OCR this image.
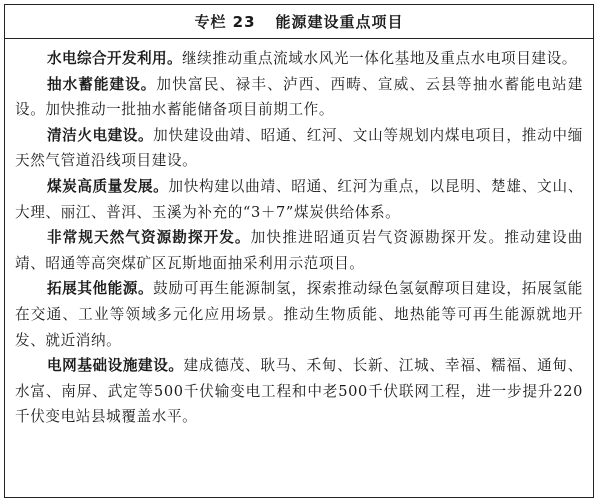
专栏 23 能源建设重点项目

水电综合开发利用。继续推动重点流域水风光一体化基地及重点水电项目建设。

抽水蓄能建设。加快富民、禄丰、泸西、西畴、宣威、云县等抽水蓄能电站建设。加快推动一批抽水蓄能储备项目前期工作。

清洁火电建设。加快建设曲靖、昭通、红河、文山等规划内煤电项目，推动中缅天然气管道沿线项目建设。

煤炭高质量发展。加快构建以曲靖、昭通、红河为重点，以昆明、楚雄、文山、大理、丽江、普洱、玉溪为补充的“3＋7”煤炭供给体系。

非常规天然气资源勘探开发。加快推进昭通页岩气资源勘探开发。推动建设曲靖、昭通等高突煤矿区瓦斯地面抽采利用示范项目。

拓展其他能源。鼓励可再生能源制氢，探索推动绿色氢氨醇项目建设，拓展氢能在交通、工业等领域多元化应用场景。推动生物质能、地热能等可再生能源就地开发、就近消纳。

电网基础设施建设。建成德茂、耿马、禾甸、长新、江城、幸福、糯福、通甸、水富、南屏、武定等500千伏输变电工程和中老500千伏联网工程，进一步提升220千伏变电站县城覆盖水平。
